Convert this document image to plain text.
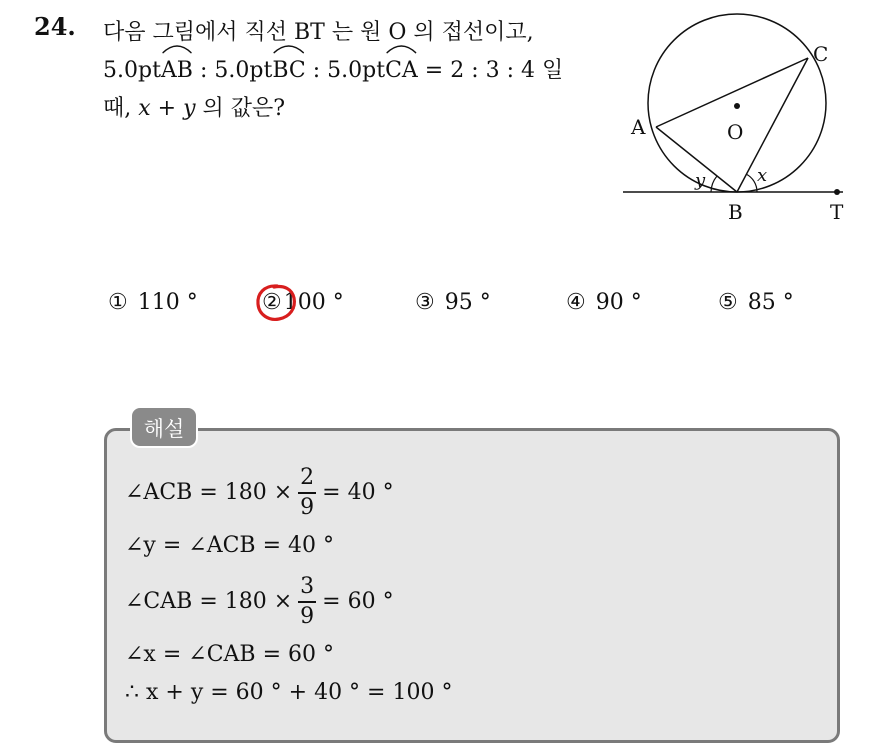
24. 다음 그림에서 직선 BT 는 원 O 의 접선이고,
5.0pt
AB : 5.0pt
BC : 5.0pt
CA = 2 : 3 : 4 일
때, x + y 의 값은?
A
C
O
B	T
x
y
① 110 °	②100 °	③ 95 °	④ 90 °	⑤ 85 °
해설
∠ACB = $180 \times \frac{2}{9} = 40$ °
∠y = ∠ACB = 40 °
∠CAB = $180 \times \frac{3}{9} = 60$ °
∠x = ∠CAB = 60 °
∴ x + y = 60 ° + 40 ° = 100 °
